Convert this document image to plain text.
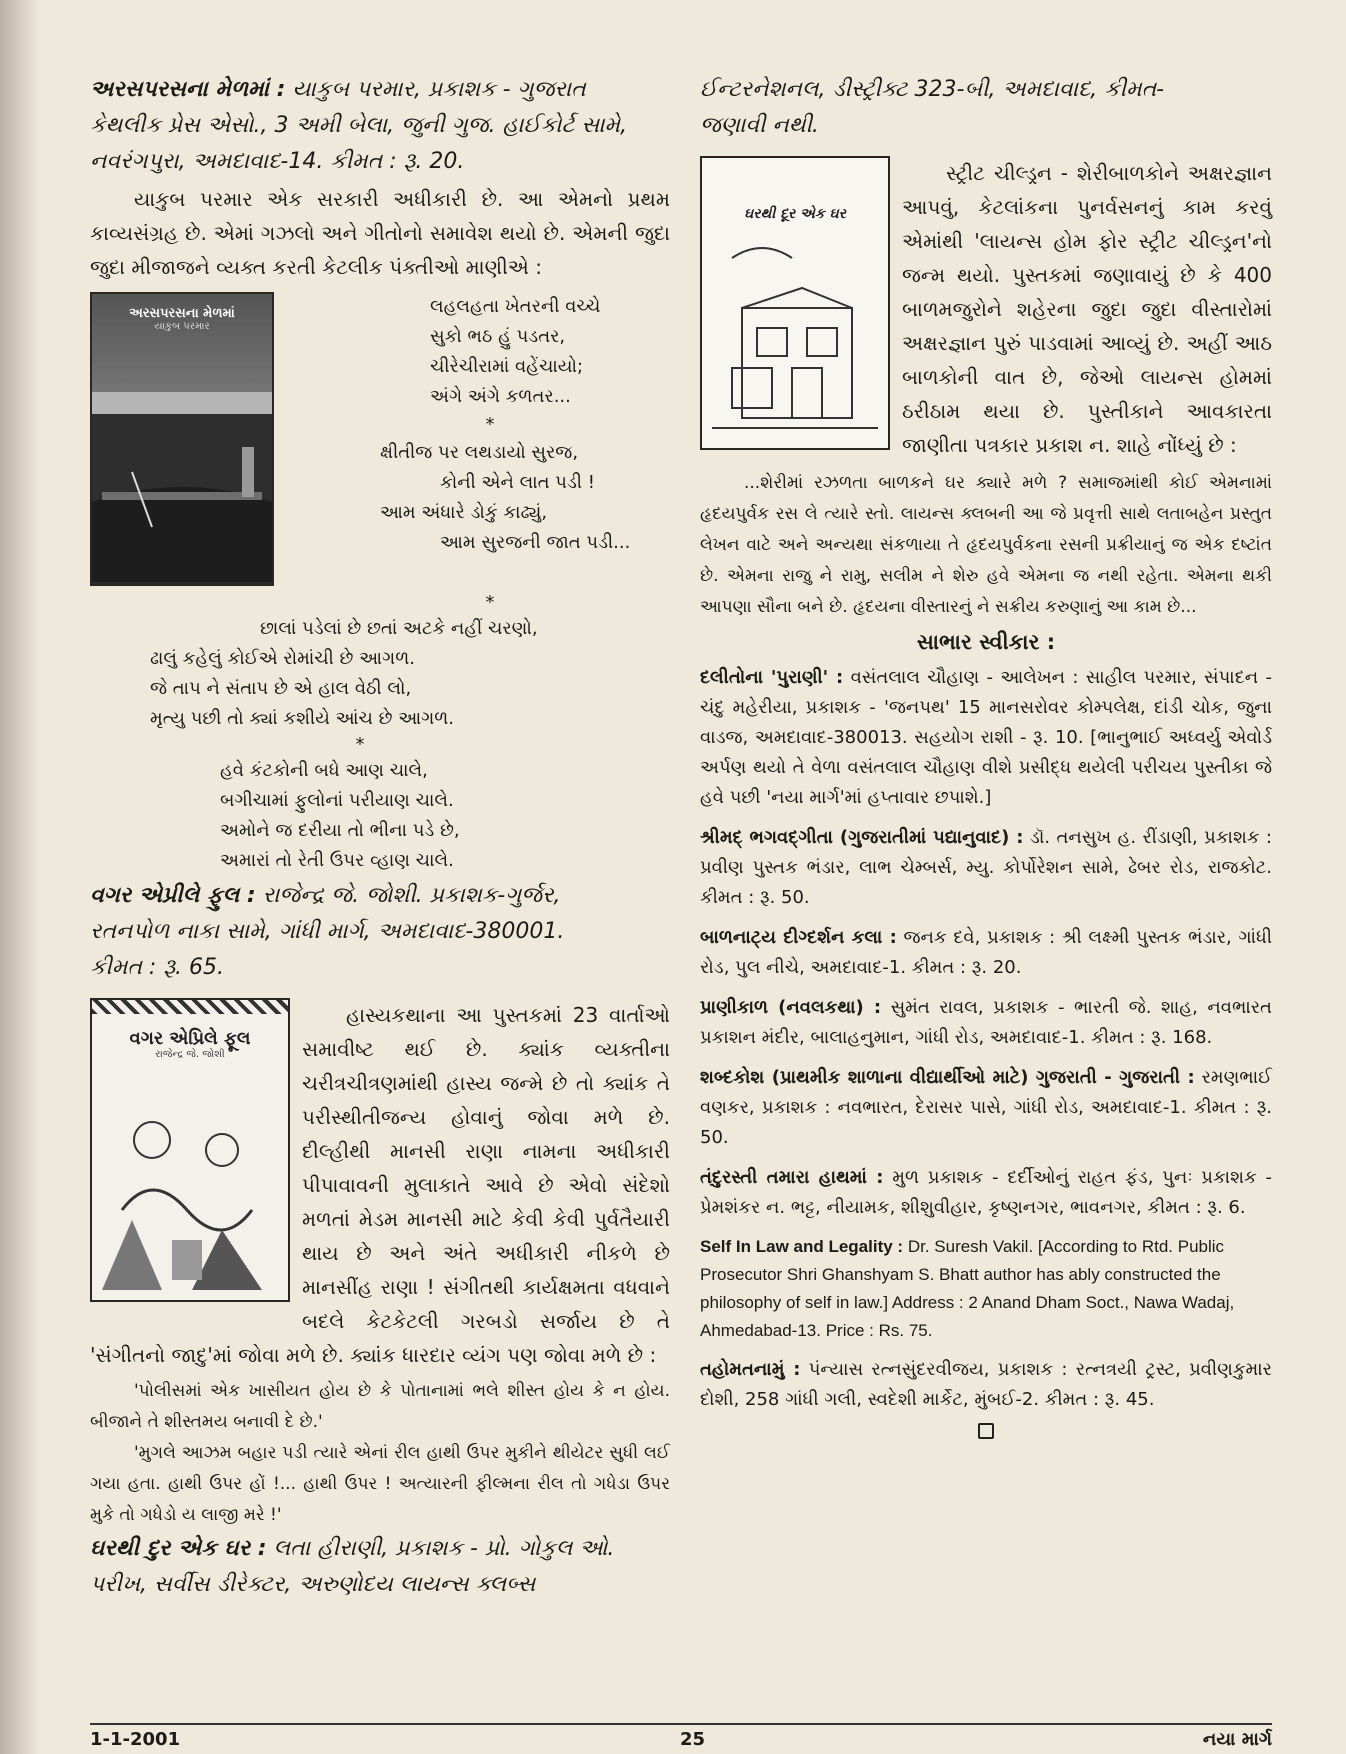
અરસપરસના મેળમાં : યાકુબ પરમાર, પ્રકાશક - ગુજરાત
કેથલીક પ્રેસ એસો., 3 અમી બેલા, જુની ગુજ. હાઈકોર્ટ સામે,
નવરંગપુરા, અમદાવાદ-14. કીમત : રૂ. 20.

યાકુબ પરમાર એક સરકારી અધીકારી છે. આ એમનો પ્રથમ કાવ્યસંગ્રહ છે. એમાં ગઝલો અને ગીતોનો સમાવેશ થયો છે. એમની જુદા જુદા મીજાજને વ્યક્ત કરતી કેટલીક પંક્તીઓ માણીએ :

અરસપરસના મેળમાં
યાકુબ પરમાર
લહલહતા ખેતરની વચ્ચે
સુકો ભઠ હું પડતર,
ચીરેચીરામાં વહેંચાયો;
અંગે અંગે કળતર...
*
ક્ષીતીજ પર લથડાયો સુરજ,
કોની એને લાત પડી !
આમ અંધારે ડોકું કાઢ્યું,
આમ સુરજની જાત પડી...
*
છાલાં પડેલાં છે છતાં અટકે નહીં ચરણો,
ઢાલું કહેલું કોઈએ રોમાંચી છે આગળ.
જે તાપ ને સંતાપ છે એ હાલ વેઠી લો,
મૃત્યુ પછી તો ક્યાં કશીયે આંચ છે આગળ.
*
હવે કંટકોની બધે આણ ચાલે,
બગીચામાં ફુલોનાં પરીયાણ ચાલે.
અમોને જ દરીયા તો ભીના પડે છે,
અમારાં તો રેતી ઉપર વ્હાણ ચાલે.
વગર એપ્રીલે ફુલ : રાજેન્દ્ર જે. જોશી. પ્રકાશક-ગુર્જર,
રતનપોળ નાકા સામે, ગાંધી માર્ગ, અમદાવાદ-380001.
કીમત : રૂ. 65.
વગર એપ્રિલે ફૂલ
રાજેન્દ્ર જે. જોશી

હાસ્યકથાના આ પુસ્તકમાં 23 વાર્તાઓ સમાવીષ્ટ થઈ છે. ક્યાંક વ્યક્તીના ચરીત્રચીત્રણમાંથી હાસ્ય જન્મે છે તો ક્યાંક તે પરીસ્થીતીજન્ય હોવાનું જોવા મળે છે. દીલ્હીથી માનસી રાણા નામના અધીકારી પીપાવાવની મુલાકાતે આવે છે એવો સંદેશો મળતાં મેડમ માનસી માટે કેવી કેવી પુર્વતૈયારી થાય છે અને અંતે અધીકારી નીકળે છે માનસીંહ રાણા ! સંગીતથી કાર્યક્ષમતા વધવાને બદલે કેટકેટલી ગરબડો સર્જાય છે તે 'સંગીતનો જાદુ'માં જોવા મળે છે. ક્યાંક ધારદાર વ્યંગ પણ જોવા મળે છે :

'પોલીસમાં એક ખાસીયત હોય છે કે પોતાનામાં ભલે શીસ્ત હોય કે ન હોય. બીજાને તે શીસ્તમય બનાવી દે છે.'

'મુગલે આઝમ બહાર પડી ત્યારે એનાં રીલ હાથી ઉપર મુકીને થીયેટર સુધી લઈ ગયા હતા. હાથી ઉપર હોં !... હાથી ઉપર ! અત્યારની ફીલ્મના રીલ તો ગધેડા ઉપર મુકે તો ગધેડો ય લાજી મરે !'

ઘરથી દુર એક ઘર : લતા હીરાણી, પ્રકાશક - પ્રો. ગોકુલ ઓ.
પરીખ, સર્વીસ ડીરેક્ટર, અરુણોદય લાયન્સ ક્લબ્સ
ઈન્ટરનેશનલ, ડીસ્ટ્રીક્ટ 323-બી, અમદાવાદ, કીમત-
જણાવી નથી.
ઘરથી દૂર એક ઘર

સ્ટ્રીટ ચીલ્ડ્રન - શેરીબાળકોને અક્ષરજ્ઞાન આપવું, કેટલાંકના પુનર્વસનનું કામ કરવું એમાંથી 'લાયન્સ હોમ ફોર સ્ટ્રીટ ચીલ્ડ્રન'નો જન્મ થયો. પુસ્તકમાં જણાવાયું છે કે 400 બાળમજુરોને શહેરના જુદા જુદા વીસ્તારોમાં અક્ષરજ્ઞાન પુરું પાડવામાં આવ્યું છે. અહીં આઠ બાળકોની વાત છે, જેઓ લાયન્સ હોમમાં ઠરીઠામ થયા છે. પુસ્તીકાને આવકારતા જાણીતા પત્રકાર પ્રકાશ ન. શાહે નોંધ્યું છે :

...શેરીમાં રઝળતા બાળકને ઘર ક્યારે મળે ? સમાજમાંથી કોઈ એમનામાં હૃદયપુર્વક રસ લે ત્યારે સ્તો. લાયન્સ ક્લબની આ જે પ્રવૃત્તી સાથે લતાબહેન પ્રસ્તુત લેખન વાટે અને અન્યથા સંકળાયા તે હૃદયપુર્વકના રસની પ્રક્રીયાનું જ એક દષ્ટાંત છે. એમના રાજુ ને રામુ, સલીમ ને શેરુ હવે એમના જ નથી રહેતા. એમના થકી આપણા સૌના બને છે. હૃદયના વીસ્તારનું ને સક્રીય કરુણાનું આ કામ છે...

સાભાર સ્વીકાર :
દલીતોના 'પુરાણી' : વસંતલાલ ચૌહાણ - આલેખન : સાહીલ પરમાર, સંપાદન - ચંદુ મહેરીયા, પ્રકાશક - 'જનપથ' 15 માનસરોવર કોમ્પલેક્ષ, દાંડી ચોક, જુના વાડજ, અમદાવાદ-380013. સહયોગ રાશી - રૂ. 10. [ભાનુભાઈ અધ્વર્યુ એવોર્ડ અર્પણ થયો તે વેળા વસંતલાલ ચૌહાણ વીશે પ્રસીદ્ધ થયેલી પરીચય પુસ્તીકા જે હવે પછી 'નયા માર્ગ'માં હપ્તાવાર છપાશે.]
શ્રીમદ્ ભગવદ્ગીતા (ગુજરાતીમાં પદ્યાનુવાદ) : ડૉ. તનસુખ હ. રીંડાણી, પ્રકાશક : પ્રવીણ પુસ્તક ભંડાર, લાભ ચેમ્બર્સ, મ્યુ. કોર્પોરેશન સામે, ઢેબર રોડ, રાજકોટ. કીમત : રૂ. 50.
બાળનાટ્ય દીગ્દર્શન કલા : જનક દવે, પ્રકાશક : શ્રી લક્ષ્મી પુસ્તક ભંડાર, ગાંધી રોડ, પુલ નીચે, અમદાવાદ-1. કીમત : રૂ. 20.
પ્રાણીકાળ (નવલકથા) : સુમંત રાવલ, પ્રકાશક - ભારતી જે. શાહ, નવભારત પ્રકાશન મંદીર, બાલાહનુમાન, ગાંધી રોડ, અમદાવાદ-1. કીમત : રૂ. 168.
શબ્દકોશ (પ્રાથમીક શાળાના વીદ્યાર્થીઓ માટે) ગુજરાતી - ગુજરાતી : રમણભાઈ વણકર, પ્રકાશક : નવભારત, દેરાસર પાસે, ગાંધી રોડ, અમદાવાદ-1. કીમત : રૂ. 50.
તંદુરસ્તી તમારા હાથમાં : મુળ પ્રકાશક - દર્દીઓનું રાહત ફંડ, પુનઃ પ્રકાશક - પ્રેમશંકર ન. ભટ્ટ, નીયામક, શીશુવીહાર, કૃષ્ણનગર, ભાવનગર, કીમત : રૂ. 6.
Self In Law and Legality : Dr. Suresh Vakil. [According to Rtd. Public Prosecutor Shri Ghanshyam S. Bhatt author has ably constructed the philosophy of self in law.] Address : 2 Anand Dham Soct., Nawa Wadaj, Ahmedabad-13. Price : Rs. 75.
તહોમતનામું : પંન્યાસ રત્નસુંદરવીજય, પ્રકાશક : રત્નત્રયી ટ્રસ્ટ, પ્રવીણકુમાર દોશી, 258 ગાંધી ગલી, સ્વદેશી માર્કેટ, મુંબઈ-2. કીમત : રૂ. 45.
1-1-2001	25	નયા માર્ગ
